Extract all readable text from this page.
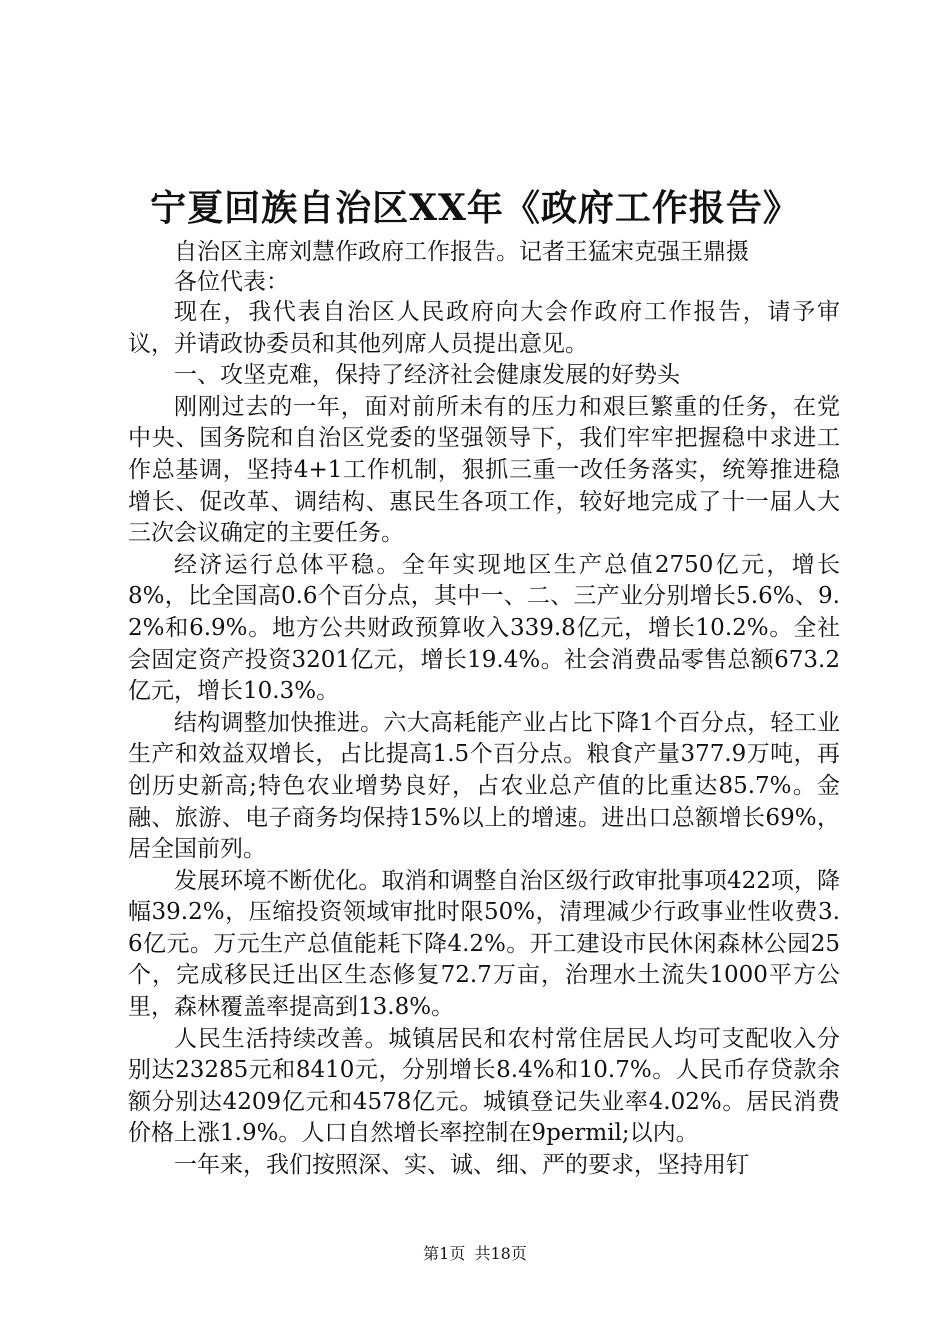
宁夏回族自治区XX年《政府工作报告》

自治区主席刘慧作政府工作报告。记者王猛宋克强王鼎摄

各位代表：

现在，我代表自治区人民政府向大会作政府工作报告，请予审议，并请政协委员和其他列席人员提出意见。

一、攻坚克难，保持了经济社会健康发展的好势头

刚刚过去的一年，面对前所未有的压力和艰巨繁重的任务，在党中央、国务院和自治区党委的坚强领导下，我们牢牢把握稳中求进工作总基调，坚持4+1工作机制，狠抓三重一改任务落实，统筹推进稳增长、促改革、调结构、惠民生各项工作，较好地完成了十一届人大三次会议确定的主要任务。

经济运行总体平稳。全年实现地区生产总值2750亿元，增长8%，比全国高0.6个百分点，其中一、二、三产业分别增长5.6%、9.2%和6.9%。地方公共财政预算收入339.8亿元，增长10.2%。全社会固定资产投资3201亿元，增长19.4%。社会消费品零售总额673.2亿元，增长10.3%。

结构调整加快推进。六大高耗能产业占比下降1个百分点，轻工业生产和效益双增长，占比提高1.5个百分点。粮食产量377.9万吨，再创历史新高;特色农业增势良好，占农业总产值的比重达85.7%。金融、旅游、电子商务均保持15%以上的增速。进出口总额增长69%，居全国前列。

发展环境不断优化。取消和调整自治区级行政审批事项422项，降幅39.2%，压缩投资领域审批时限50%，清理减少行政事业性收费3.6亿元。万元生产总值能耗下降4.2%。开工建设市民休闲森林公园25个，完成移民迁出区生态修复72.7万亩，治理水土流失1000平方公里，森林覆盖率提高到13.8%。

人民生活持续改善。城镇居民和农村常住居民人均可支配收入分别达23285元和8410元，分别增长8.4%和10.7%。人民币存贷款余额分别达4209亿元和4578亿元。城镇登记失业率4.02%。居民消费价格上涨1.9%。人口自然增长率控制在9permil;以内。

一年来，我们按照深、实、诚、细、严的要求，坚持用钉

第1页 共18页
